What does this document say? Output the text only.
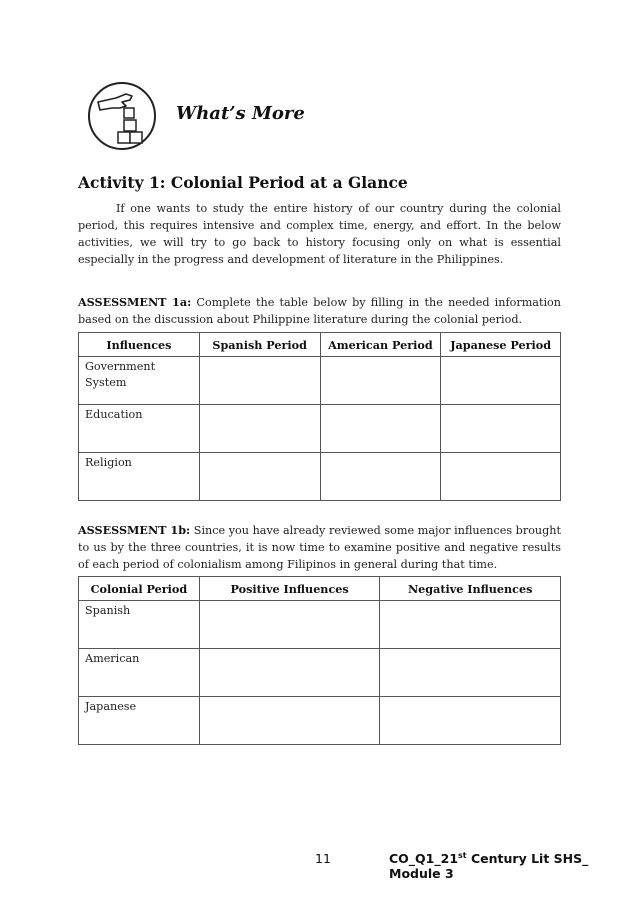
What’s More
Activity 1: Colonial Period at a Glance

If one wants to study the entire history of our country during the colonial period, this requires intensive and complex time, energy, and effort. In the below activities, we will try to go back to history focusing only on what is essential especially in the progress and development of literature in the Philippines.

ASSESSMENT 1a: Complete the table below by filling in the needed information based on the discussion about Philippine literature during the colonial period.

Influences	Spanish Period	American Period	Japanese Period
Government System			
Education			
Religion			

ASSESSMENT 1b: Since you have already reviewed some major influences brought to us by the three countries, it is now time to examine positive and negative results of each period of colonialism among Filipinos in general during that time.

Colonial Period	Positive Influences	Negative Influences
Spanish		
American		
Japanese		
11	CO_Q1_21st Century Lit SHS_ Module 3
